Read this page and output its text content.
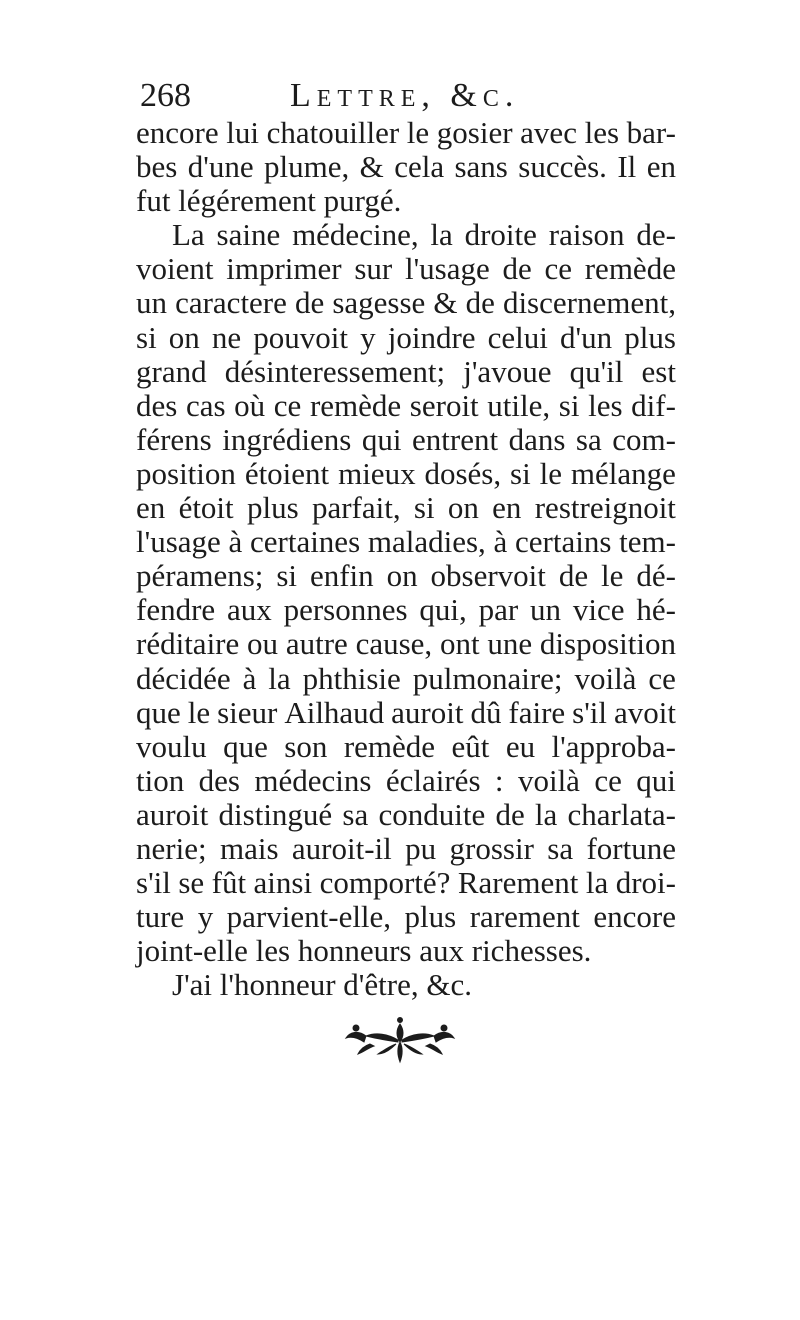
268	Lettre, &c.
encore lui chatouiller le gosier avec les bar-
bes d'une plume, & cela sans succès. Il en
fut légérement purgé.
La saine médecine, la droite raison de-
voient imprimer sur l'usage de ce remède
un caractere de sagesse & de discernement,
si on ne pouvoit y joindre celui d'un plus
grand désinteressement; j'avoue qu'il est
des cas où ce remède seroit utile, si les dif-
férens ingrédiens qui entrent dans sa com-
position étoient mieux dosés, si le mélange
en étoit plus parfait, si on en restreignoit
l'usage à certaines maladies, à certains tem-
péramens; si enfin on observoit de le dé-
fendre aux personnes qui, par un vice hé-
réditaire ou autre cause, ont une disposition
décidée à la phthisie pulmonaire; voilà ce
que le sieur Ailhaud auroit dû faire s'il avoit
voulu que son remède eût eu l'approba-
tion des médecins éclairés : voilà ce qui
auroit distingué sa conduite de la charlata-
nerie; mais auroit-il pu grossir sa fortune
s'il se fût ainsi comporté? Rarement la droi-
ture y parvient-elle, plus rarement encore
joint-elle les honneurs aux richesses.
J'ai l'honneur d'être, &c.
